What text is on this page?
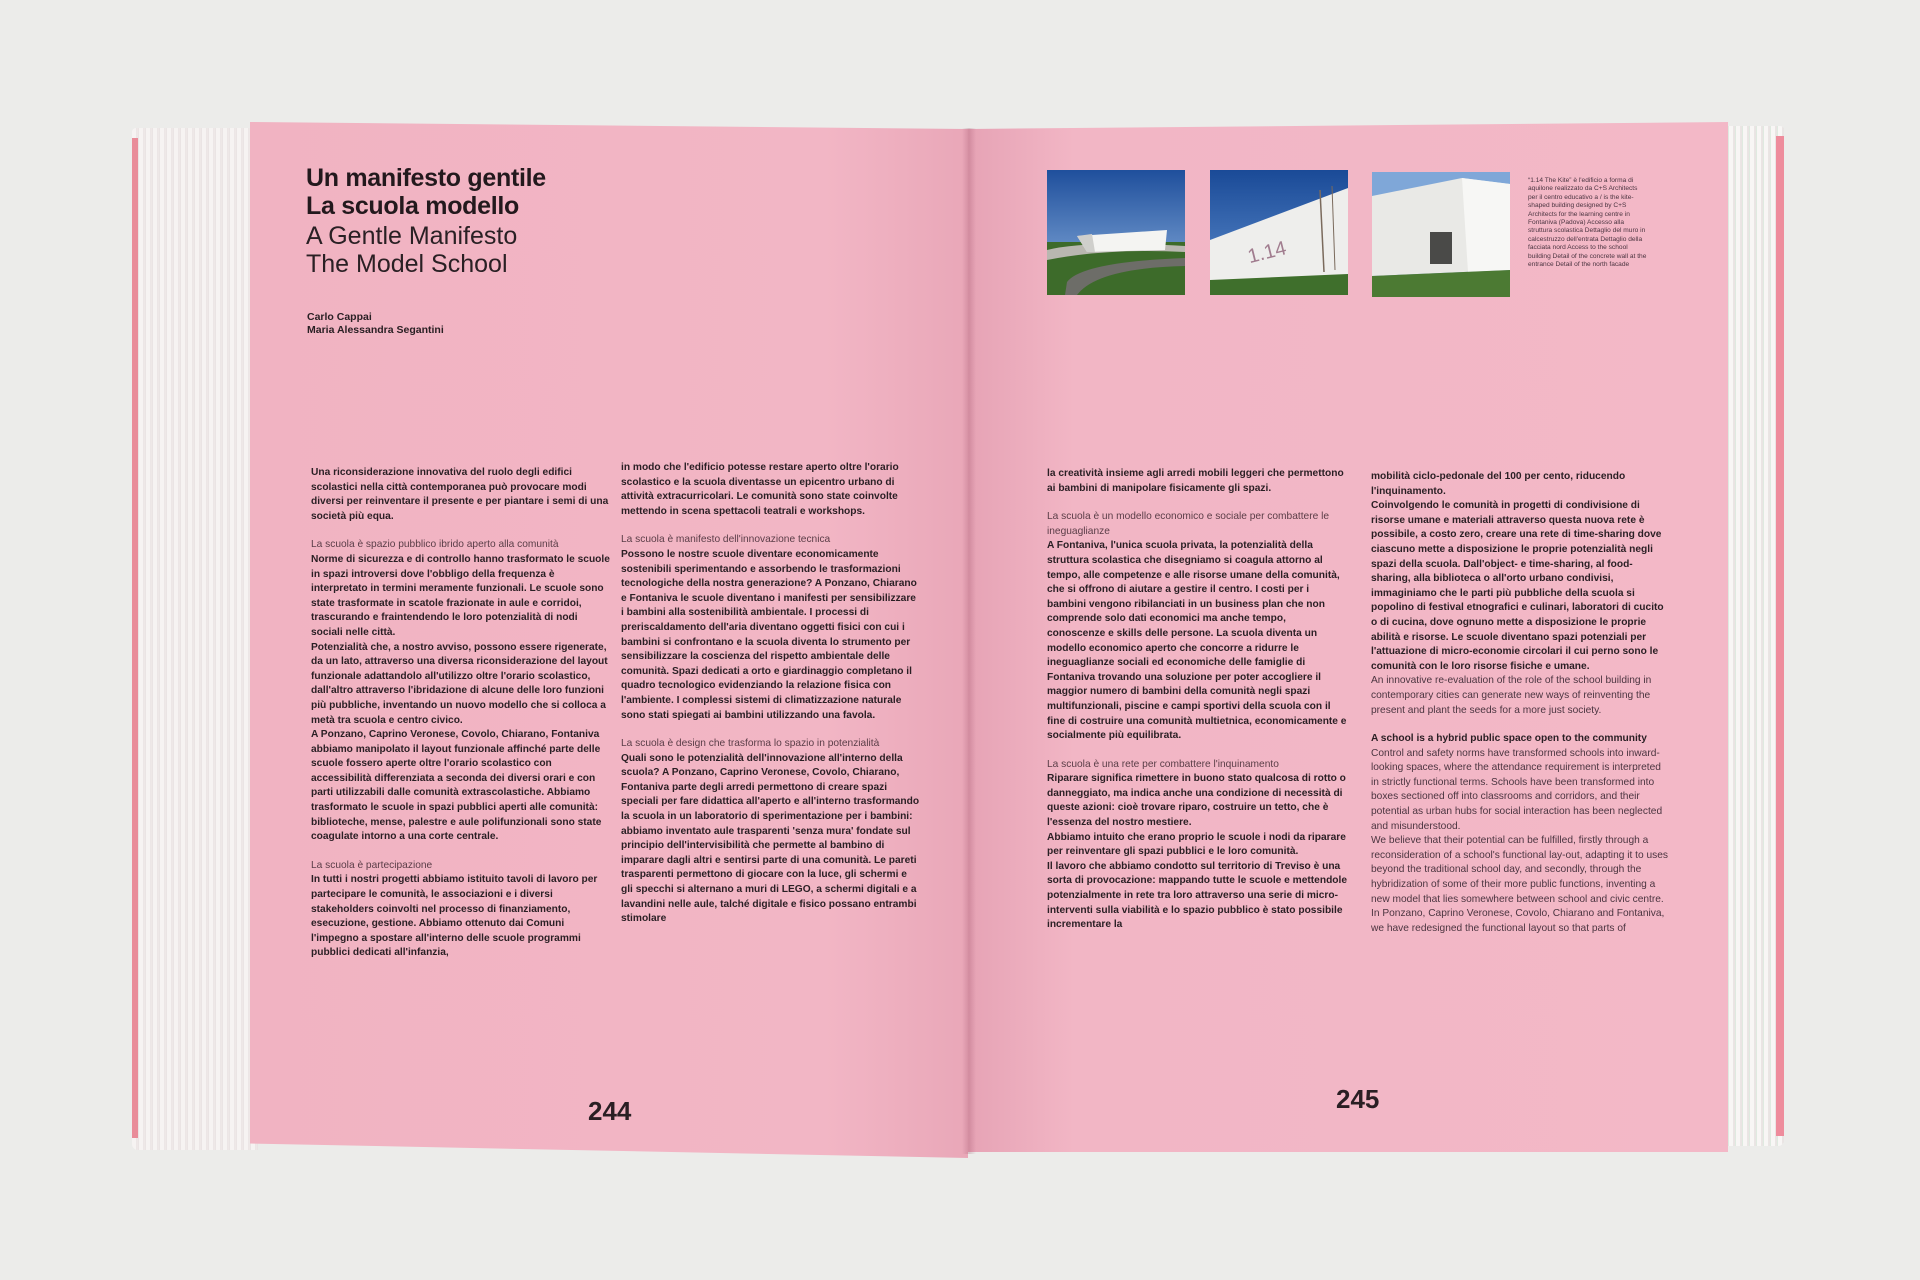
Un manifesto gentile
La scuola modello
A Gentle Manifesto
The Model School
Carlo Cappai
Maria Alessandra Segantini

Una riconsiderazione innovativa del ruolo degli edifici scolastici nella città contemporanea può provocare modi diversi per reinventare il presente e per piantare i semi di una società più equa.

La scuola è spazio pubblico ibrido aperto alla comunità

Norme di sicurezza e di controllo hanno trasformato le scuole in spazi introversi dove l'obbligo della frequenza è interpretato in termini meramente funzionali. Le scuole sono state trasformate in scatole frazionate in aule e corridoi, trascurando e fraintendendo le loro potenzialità di nodi sociali nelle città.

Potenzialità che, a nostro avviso, possono essere rigenerate, da un lato, attraverso una diversa riconsiderazione del layout funzionale adattandolo all'utilizzo oltre l'orario scolastico, dall'altro attraverso l'ibridazione di alcune delle loro funzioni più pubbliche, inventando un nuovo modello che si colloca a metà tra scuola e centro civico.

A Ponzano, Caprino Veronese, Covolo, Chiarano, Fontaniva abbiamo manipolato il layout funzionale affinché parte delle scuole fossero aperte oltre l'orario scolastico con accessibilità differenziata a seconda dei diversi orari e con parti utilizzabili dalle comunità extrascolastiche. Abbiamo trasformato le scuole in spazi pubblici aperti alle comunità: biblioteche, mense, palestre e aule polifunzionali sono state coagulate intorno a una corte centrale.

La scuola è partecipazione

In tutti i nostri progetti abbiamo istituito tavoli di lavoro per partecipare le comunità, le associazioni e i diversi stakeholders coinvolti nel processo di finanziamento, esecuzione, gestione. Abbiamo ottenuto dai Comuni l'impegno a spostare all'interno delle scuole programmi pubblici dedicati all'infanzia,

in modo che l'edificio potesse restare aperto oltre l'orario scolastico e la scuola diventasse un epicentro urbano di attività extracurricolari. Le comunità sono state coinvolte mettendo in scena spettacoli teatrali e workshops.

La scuola è manifesto dell'innovazione tecnica

Possono le nostre scuole diventare economicamente sostenibili sperimentando e assorbendo le trasformazioni tecnologiche della nostra generazione? A Ponzano, Chiarano e Fontaniva le scuole diventano i manifesti per sensibilizzare i bambini alla sostenibilità ambientale. I processi di preriscaldamento dell'aria diventano oggetti fisici con cui i bambini si confrontano e la scuola diventa lo strumento per sensibilizzare la coscienza del rispetto ambientale delle comunità. Spazi dedicati a orto e giardinaggio completano il quadro tecnologico evidenziando la relazione fisica con l'ambiente. I complessi sistemi di climatizzazione naturale sono stati spiegati ai bambini utilizzando una favola.

La scuola è design che trasforma lo spazio in potenzialità

Quali sono le potenzialità dell'innovazione all'interno della scuola? A Ponzano, Caprino Veronese, Covolo, Chiarano, Fontaniva parte degli arredi permettono di creare spazi speciali per fare didattica all'aperto e all'interno trasformando la scuola in un laboratorio di sperimentazione per i bambini: abbiamo inventato aule trasparenti 'senza mura' fondate sul principio dell'intervisibilità che permette al bambino di imparare dagli altri e sentirsi parte di una comunità. Le pareti trasparenti permettono di giocare con la luce, gli schermi e gli specchi si alternano a muri di LEGO, a schermi digitali e a lavandini nelle aule, talché digitale e fisico possano entrambi stimolare

244
1.14
“1.14 The Kite” è l'edificio a forma di aquilone realizzato da C+S Architects per il centro educativo a / is the kite-shaped building designed by C+S Architects for the learning centre in Fontaniva (Padova) Accesso alla struttura scolastica Dettaglio del muro in calcestruzzo dell'entrata Dettaglio della facciata nord Access to the school building Detail of the concrete wall at the entrance Detail of the north facade

la creatività insieme agli arredi mobili leggeri che permettono ai bambini di manipolare fisicamente gli spazi.

La scuola è un modello economico e sociale per combattere le ineguaglianze

A Fontaniva, l'unica scuola privata, la potenzialità della struttura scolastica che disegniamo si coagula attorno al tempo, alle competenze e alle risorse umane della comunità, che si offrono di aiutare a gestire il centro. I costi per i bambini vengono ribilanciati in un business plan che non comprende solo dati economici ma anche tempo, conoscenze e skills delle persone. La scuola diventa un modello economico aperto che concorre a ridurre le ineguaglianze sociali ed economiche delle famiglie di Fontaniva trovando una soluzione per poter accogliere il maggior numero di bambini della comunità negli spazi multifunzionali, piscine e campi sportivi della scuola con il fine di costruire una comunità multietnica, economicamente e socialmente più equilibrata.

La scuola è una rete per combattere l'inquinamento

Riparare significa rimettere in buono stato qualcosa di rotto o danneggiato, ma indica anche una condizione di necessità di queste azioni: cioè trovare riparo, costruire un tetto, che è l'essenza del nostro mestiere.

Abbiamo intuito che erano proprio le scuole i nodi da riparare per reinventare gli spazi pubblici e le loro comunità.

Il lavoro che abbiamo condotto sul territorio di Treviso è una sorta di provocazione: mappando tutte le scuole e mettendole potenzialmente in rete tra loro attraverso una serie di micro-interventi sulla viabilità e lo spazio pubblico è stato possibile incrementare la

mobilità ciclo-pedonale del 100 per cento, riducendo l'inquinamento.

Coinvolgendo le comunità in progetti di condivisione di risorse umane e materiali attraverso questa nuova rete è possibile, a costo zero, creare una rete di time-sharing dove ciascuno mette a disposizione le proprie potenzialità negli spazi della scuola. Dall'object- e time-sharing, al food-sharing, alla biblioteca o all'orto urbano condivisi, immaginiamo che le parti più pubbliche della scuola si popolino di festival etnografici e culinari, laboratori di cucito o di cucina, dove ognuno mette a disposizione le proprie abilità e risorse. Le scuole diventano spazi potenziali per l'attuazione di micro-economie circolari il cui perno sono le comunità con le loro risorse fisiche e umane.

An innovative re-evaluation of the role of the school building in contemporary cities can generate new ways of reinventing the present and plant the seeds for a more just society.

A school is a hybrid public space open to the community

Control and safety norms have transformed schools into inward-looking spaces, where the attendance requirement is interpreted in strictly functional terms. Schools have been transformed into boxes sectioned off into classrooms and corridors, and their potential as urban hubs for social interaction has been neglected and misunderstood.

We believe that their potential can be fulfilled, firstly through a reconsideration of a school's functional lay-out, adapting it to uses beyond the traditional school day, and secondly, through the hybridization of some of their more public functions, inventing a new model that lies somewhere between school and civic centre. In Ponzano, Caprino Veronese, Covolo, Chiarano and Fontaniva, we have redesigned the functional layout so that parts of

245
